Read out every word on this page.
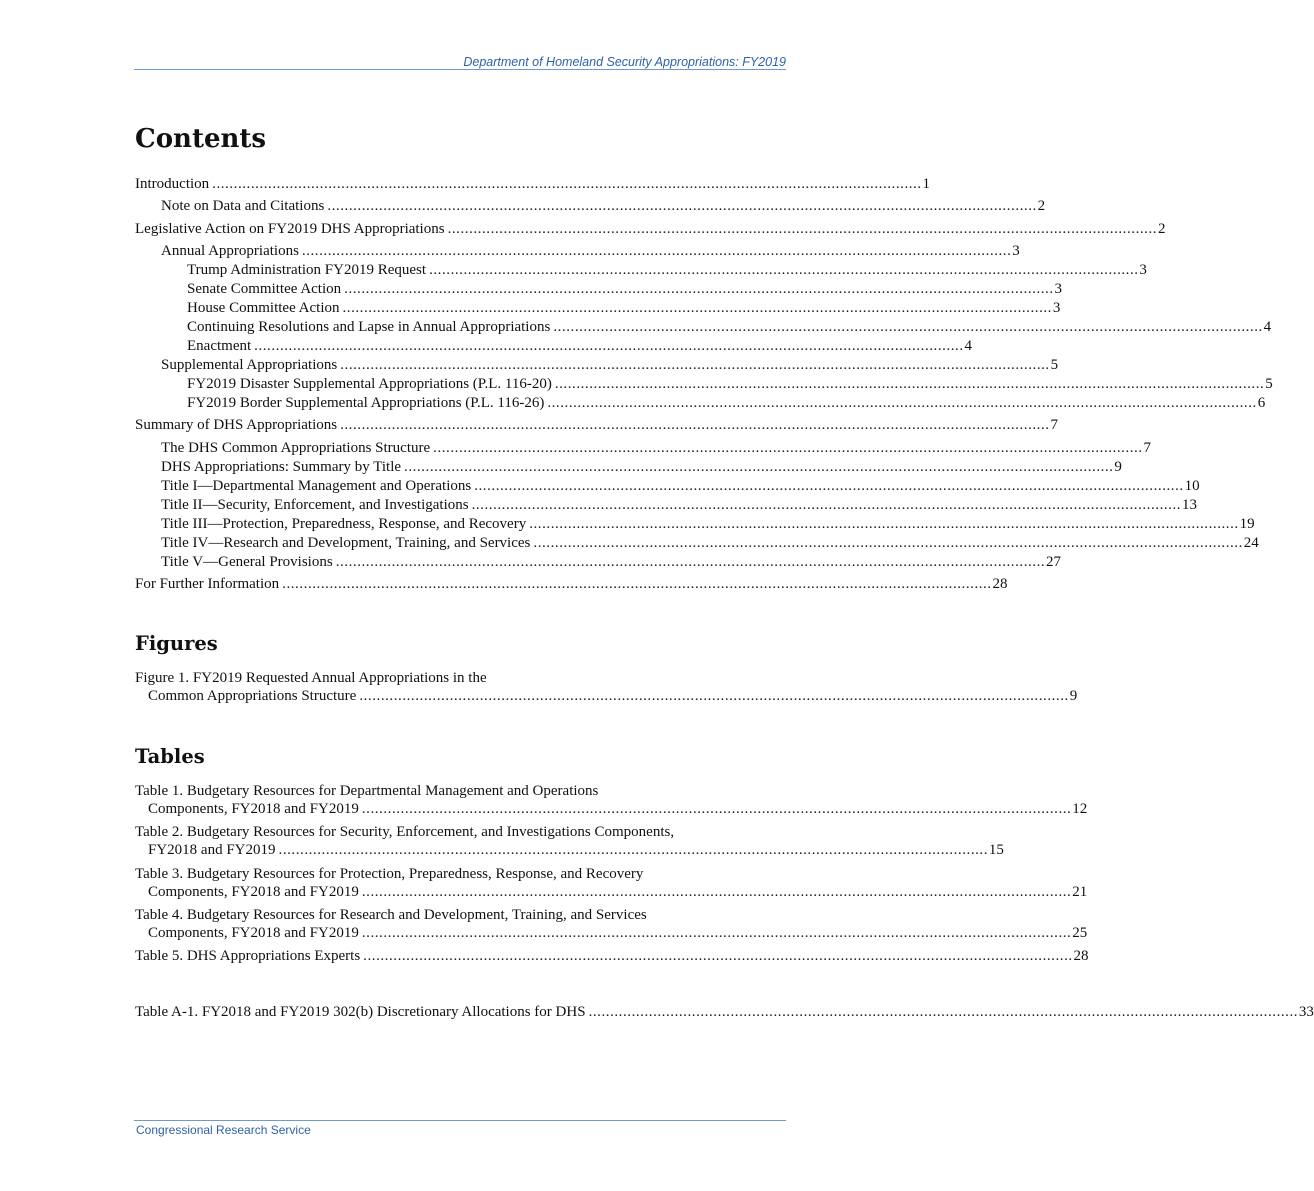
Department of Homeland Security Appropriations: FY2019
Contents
Introduction . . .	1
Note on Data and Citations . . .	2
Legislative Action on FY2019 DHS Appropriations . . .	2
Annual Appropriations . . .	3
Trump Administration FY2019 Request . . .	3
Senate Committee Action . . .	3
House Committee Action . . .	3
Continuing Resolutions and Lapse in Annual Appropriations . . .	4
Enactment . . .	4
Supplemental Appropriations . . .	5
FY2019 Disaster Supplemental Appropriations (P.L. 116-20) . . .	5
FY2019 Border Supplemental Appropriations (P.L. 116-26) . . .	6
Summary of DHS Appropriations . . .	7
The DHS Common Appropriations Structure . . .	7
DHS Appropriations: Summary by Title . . .	9
Title I—Departmental Management and Operations . . .	10
Title II—Security, Enforcement, and Investigations . . .	13
Title III—Protection, Preparedness, Response, and Recovery . . .	19
Title IV—Research and Development, Training, and Services . . .	24
Title V—General Provisions . . .	27
For Further Information . . .	28
Figures
Figure 1. FY2019 Requested Annual Appropriations in the
Common Appropriations Structure . . .	9
Tables
Table 1. Budgetary Resources for Departmental Management and Operations
Components, FY2018 and FY2019 . . .	12
Table 2. Budgetary Resources for Security, Enforcement, and Investigations Components,
FY2018 and FY2019 . . .	15
Table 3. Budgetary Resources for Protection, Preparedness, Response, and Recovery
Components, FY2018 and FY2019 . . .	21
Table 4. Budgetary Resources for Research and Development, Training, and Services
Components, FY2018 and FY2019 . . .	25
Table 5. DHS Appropriations Experts . . .	28
Table A-1. FY2018 and FY2019 302(b) Discretionary Allocations for DHS . . .	33
Congressional Research Service
